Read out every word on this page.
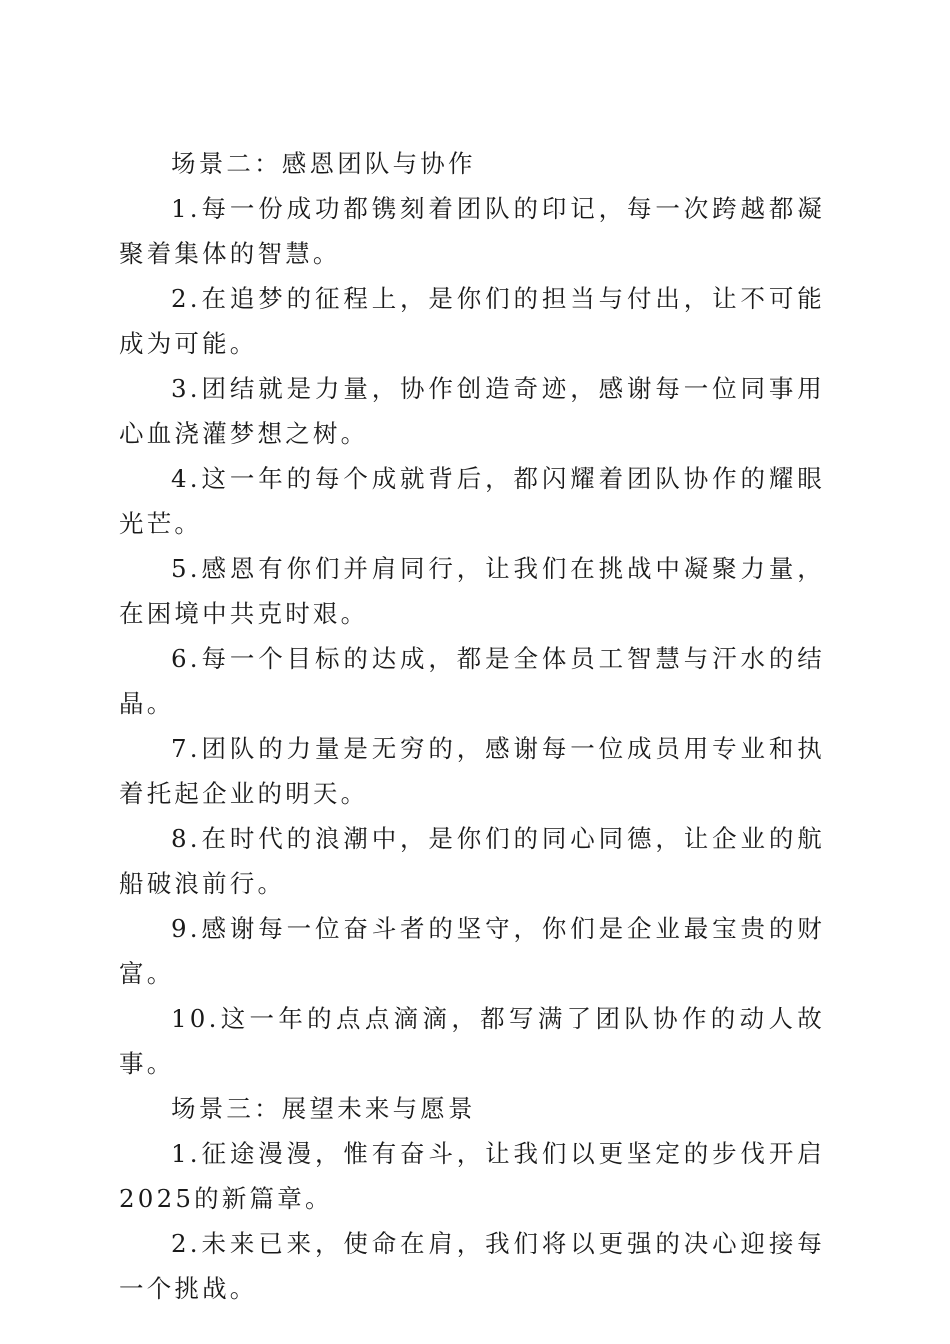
场景二：感恩团队与协作

1.每一份成功都镌刻着团队的印记，每一次跨越都凝聚着集体的智慧。

2.在追梦的征程上，是你们的担当与付出，让不可能成为可能。

3.团结就是力量，协作创造奇迹，感谢每一位同事用心血浇灌梦想之树。

4.这一年的每个成就背后，都闪耀着团队协作的耀眼光芒。

5.感恩有你们并肩同行，让我们在挑战中凝聚力量，在困境中共克时艰。

6.每一个目标的达成，都是全体员工智慧与汗水的结晶。

7.团队的力量是无穷的，感谢每一位成员用专业和执着托起企业的明天。

8.在时代的浪潮中，是你们的同心同德，让企业的航船破浪前行。

9.感谢每一位奋斗者的坚守，你们是企业最宝贵的财富。

10.这一年的点点滴滴，都写满了团队协作的动人故事。

场景三：展望未来与愿景

1.征途漫漫，惟有奋斗，让我们以更坚定的步伐开启2025的新篇章。

2.未来已来，使命在肩，我们将以更强的决心迎接每一个挑战。
